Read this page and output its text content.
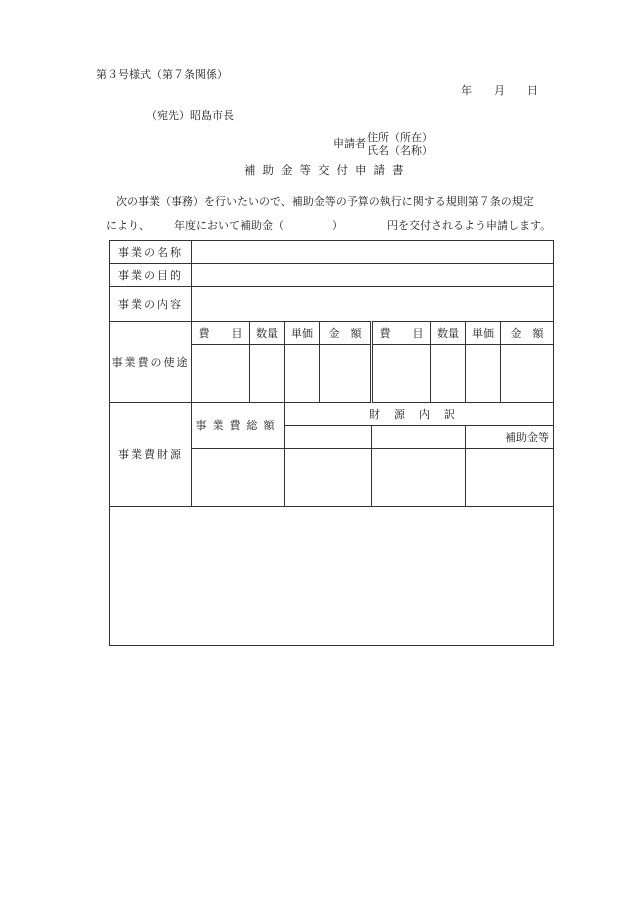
第３号様式（第７条関係）
年 月 日
（宛先）昭島市長
申請者 住所（所在）
氏名（名称）
補助金等交付申請書
次の事業（事務）を行いたいので、補助金等の予算の執行に関する規則第７条の規定
により、 年度において補助金（	）	円を交付されるよう申請します。
事業の名称								
事業の目的								
事業の内容								
事業費の使途	費　　目	数量	単価	金　額	費　　目	数量	単価	金　額

事業費財源	事業費総額		財源内訳					
							補助金等	
